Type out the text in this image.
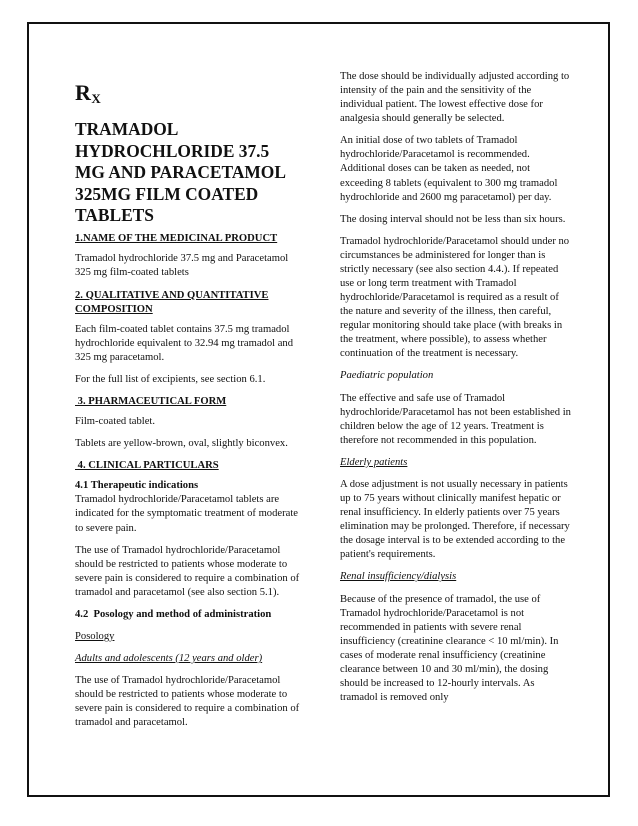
$R_X$
TRAMADOL HYDROCHLORIDE 37.5 MG AND PARACETAMOL 325MG FILM COATED TABLETS

1.NAME OF THE MEDICINAL PRODUCT

Tramadol hydrochloride 37.5 mg and Paracetamol 325 mg film-coated tablets

2. QUALITATIVE AND QUANTITATIVE COMPOSITION

Each film-coated tablet contains 37.5 mg tramadol hydrochloride equivalent to 32.94 mg tramadol and 325 mg paracetamol.

For the full list of excipients, see section 6.1.

3. PHARMACEUTICAL FORM

Film-coated tablet.

Tablets are yellow-brown, oval, slightly biconvex.

4. CLINICAL PARTICULARS

4.1 Therapeutic indications

Tramadol hydrochloride/Paracetamol tablets are indicated for the symptomatic treatment of moderate to severe pain.

The use of Tramadol hydrochloride/Paracetamol should be restricted to patients whose moderate to severe pain is considered to require a combination of tramadol and paracetamol (see also section 5.1).

4.2  Posology and method of administration

Posology

Adults and adolescents (12 years and older)

The use of Tramadol hydrochloride/Paracetamol should be restricted to patients whose moderate to severe pain is considered to require a combination of tramadol and paracetamol.

The dose should be individually adjusted according to intensity of the pain and the sensitivity of the individual patient. The lowest effective dose for analgesia should generally be selected.

An initial dose of two tablets of Tramadol hydrochloride/Paracetamol is recommended. Additional doses can be taken as needed, not exceeding 8 tablets (equivalent to 300 mg tramadol hydrochloride and 2600 mg paracetamol) per day.

The dosing interval should not be less than six hours.

Tramadol hydrochloride/Paracetamol should under no circumstances be administered for longer than is strictly necessary (see also section 4.4.). If repeated use or long term treatment with Tramadol hydrochloride/Paracetamol is required as a result of the nature and severity of the illness, then careful, regular monitoring should take place (with breaks in the treatment, where possible), to assess whether continuation of the treatment is necessary.

Paediatric population

The effective and safe use of Tramadol hydrochloride/Paracetamol has not been established in children below the age of 12 years. Treatment is therefore not recommended in this population.

Elderly patients

A dose adjustment is not usually necessary in patients up to 75 years without clinically manifest hepatic or renal insufficiency. In elderly patients over 75 years elimination may be prolonged. Therefore, if necessary the dosage interval is to be extended according to the patient's requirements.

Renal insufficiency/dialysis

Because of the presence of tramadol, the use of Tramadol hydrochloride/Paracetamol is not recommended in patients with severe renal insufficiency (creatinine clearance < 10 ml/min). In cases of moderate renal insufficiency (creatinine clearance between 10 and 30 ml/min), the dosing should be increased to 12-hourly intervals. As tramadol is removed only
